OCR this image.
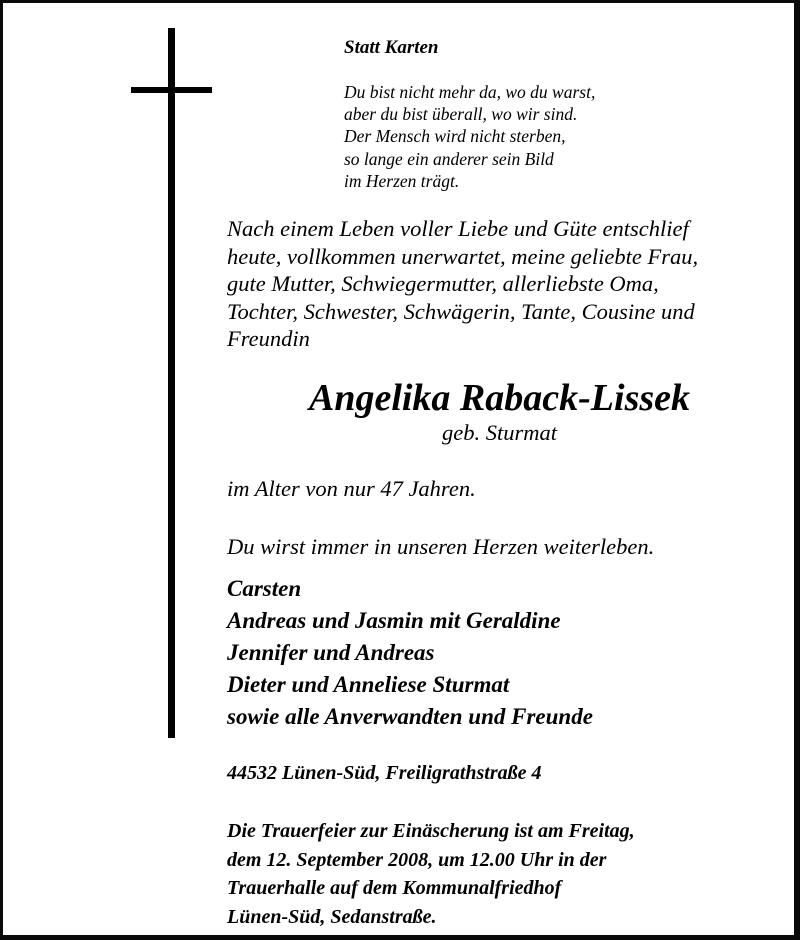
Statt Karten
Du bist nicht mehr da, wo du warst,
aber du bist überall, wo wir sind.
Der Mensch wird nicht sterben,
so lange ein anderer sein Bild
im Herzen trägt.
Nach einem Leben voller Liebe und Güte entschlief
heute, vollkommen unerwartet, meine geliebte Frau,
gute Mutter, Schwiegermutter, allerliebste Oma,
Tochter, Schwester, Schwägerin, Tante, Cousine und
Freundin
Angelika Raback-Lissek
geb. Sturmat
im Alter von nur 47 Jahren.
Du wirst immer in unseren Herzen weiterleben.
Carsten
Andreas und Jasmin mit Geraldine
Jennifer und Andreas
Dieter und Anneliese Sturmat
sowie alle Anverwandten und Freunde
44532 Lünen-Süd, Freiligrathstraße 4
Die Trauerfeier zur Einäscherung ist am Freitag,
dem 12. September 2008, um 12.00 Uhr in der
Trauerhalle auf dem Kommunalfriedhof
Lünen-Süd, Sedanstraße.
